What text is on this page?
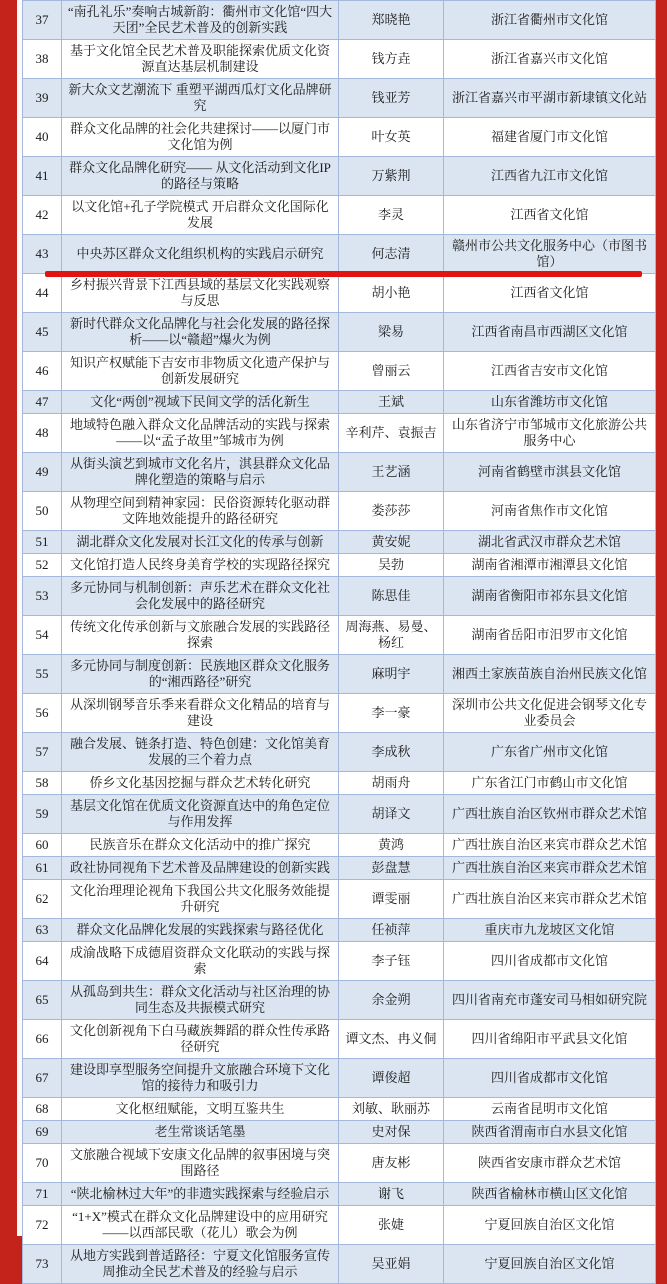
37	“南孔礼乐”奏响古城新韵：衢州市文化馆“四大天团”全民艺术普及的创新实践	郑晓艳	浙江省衢州市文化馆
38	基于文化馆全民艺术普及职能探索优质文化资源直达基层机制建设	钱方垚	浙江省嘉兴市文化馆
39	新大众文艺潮流下 重塑平湖西瓜灯文化品牌研究	钱亚芳	浙江省嘉兴市平湖市新埭镇文化站
40	群众文化品牌的社会化共建探讨——以厦门市文化馆为例	叶女英	福建省厦门市文化馆
41	群众文化品牌化研究—— 从文化活动到文化IP的路径与策略	万紫荆	江西省九江市文化馆
42	以文化馆+孔子学院模式 开启群众文化国际化发展	李灵	江西省文化馆
43	中央苏区群众文化组织机构的实践启示研究	何志清	赣州市公共文化服务中心（市图书馆）
44	乡村振兴背景下江西县域的基层文化实践观察与反思	胡小艳	江西省文化馆
45	新时代群众文化品牌化与社会化发展的路径探析——以“赣超”爆火为例	梁易	江西省南昌市西湖区文化馆
46	知识产权赋能下吉安市非物质文化遗产保护与创新发展研究	曾丽云	江西省吉安市文化馆
47	文化“两创”视域下民间文学的活化新生	王斌	山东省潍坊市文化馆
48	地域特色融入群众文化品牌活动的实践与探索——以“孟子故里”邹城市为例	辛利芹、袁振吉	山东省济宁市邹城市文化旅游公共服务中心
49	从街头演艺到城市文化名片，淇县群众文化品牌化塑造的策略与启示	王艺涵	河南省鹤壁市淇县文化馆
50	从物理空间到精神家园：民俗资源转化驱动群文阵地效能提升的路径研究	娄莎莎	河南省焦作市文化馆
51	湖北群众文化发展对长江文化的传承与创新	黄安妮	湖北省武汉市群众艺术馆
52	文化馆打造人民终身美育学校的实现路径探究	吴勃	湖南省湘潭市湘潭县文化馆
53	多元协同与机制创新：声乐艺术在群众文化社会化发展中的路径研究	陈思佳	湖南省衡阳市祁东县文化馆
54	传统文化传承创新与文旅融合发展的实践路径探索	周海燕、易曼、杨红	湖南省岳阳市汨罗市文化馆
55	多元协同与制度创新：民族地区群众文化服务的“湘西路径”研究	麻明宇	湘西土家族苗族自治州民族文化馆
56	从深圳钢琴音乐季来看群众文化精品的培育与建设	李一豪	深圳市公共文化促进会钢琴文化专业委员会
57	融合发展、链条打造、特色创建：文化馆美育发展的三个着力点	李成秋	广东省广州市文化馆
58	侨乡文化基因挖掘与群众艺术转化研究	胡雨舟	广东省江门市鹤山市文化馆
59	基层文化馆在优质文化资源直达中的角色定位与作用发挥	胡译文	广西壮族自治区钦州市群众艺术馆
60	民族音乐在群众文化活动中的推广探究	黄鸿	广西壮族自治区来宾市群众艺术馆
61	政社协同视角下艺术普及品牌建设的创新实践	彭盘慧	广西壮族自治区来宾市群众艺术馆
62	文化治理理论视角下我国公共文化服务效能提升研究	谭雯丽	广西壮族自治区来宾市群众艺术馆
63	群众文化品牌化发展的实践探索与路径优化	任祯萍	重庆市九龙坡区文化馆
64	成渝战略下成德眉资群众文化联动的实践与探索	李子钰	四川省成都市文化馆
65	从孤岛到共生：群众文化活动与社区治理的协同生态及共振模式研究	余金朔	四川省南充市蓬安司马相如研究院
66	文化创新视角下白马藏族舞蹈的群众性传承路径研究	谭文杰、冉义侗	四川省绵阳市平武县文化馆
67	建设即享型服务空间提升文旅融合环境下文化馆的接待力和吸引力	谭俊超	四川省成都市文化馆
68	文化枢纽赋能，文明互鉴共生	刘敏、耿丽苏	云南省昆明市文化馆
69	老生常谈话笔墨	史对保	陕西省渭南市白水县文化馆
70	文旅融合视域下安康文化品牌的叙事困境与突围路径	唐友彬	陕西省安康市群众艺术馆
71	“陕北榆林过大年”的非遗实践探索与经验启示	谢飞	陕西省榆林市横山区文化馆
72	“1+X”模式在群众文化品牌建设中的应用研究——以西部民歌（花儿）歌会为例	张婕	宁夏回族自治区文化馆
73	从地方实践到普适路径：宁夏文化馆服务宣传周推动全民艺术普及的经验与启示	吴亚娟	宁夏回族自治区文化馆
